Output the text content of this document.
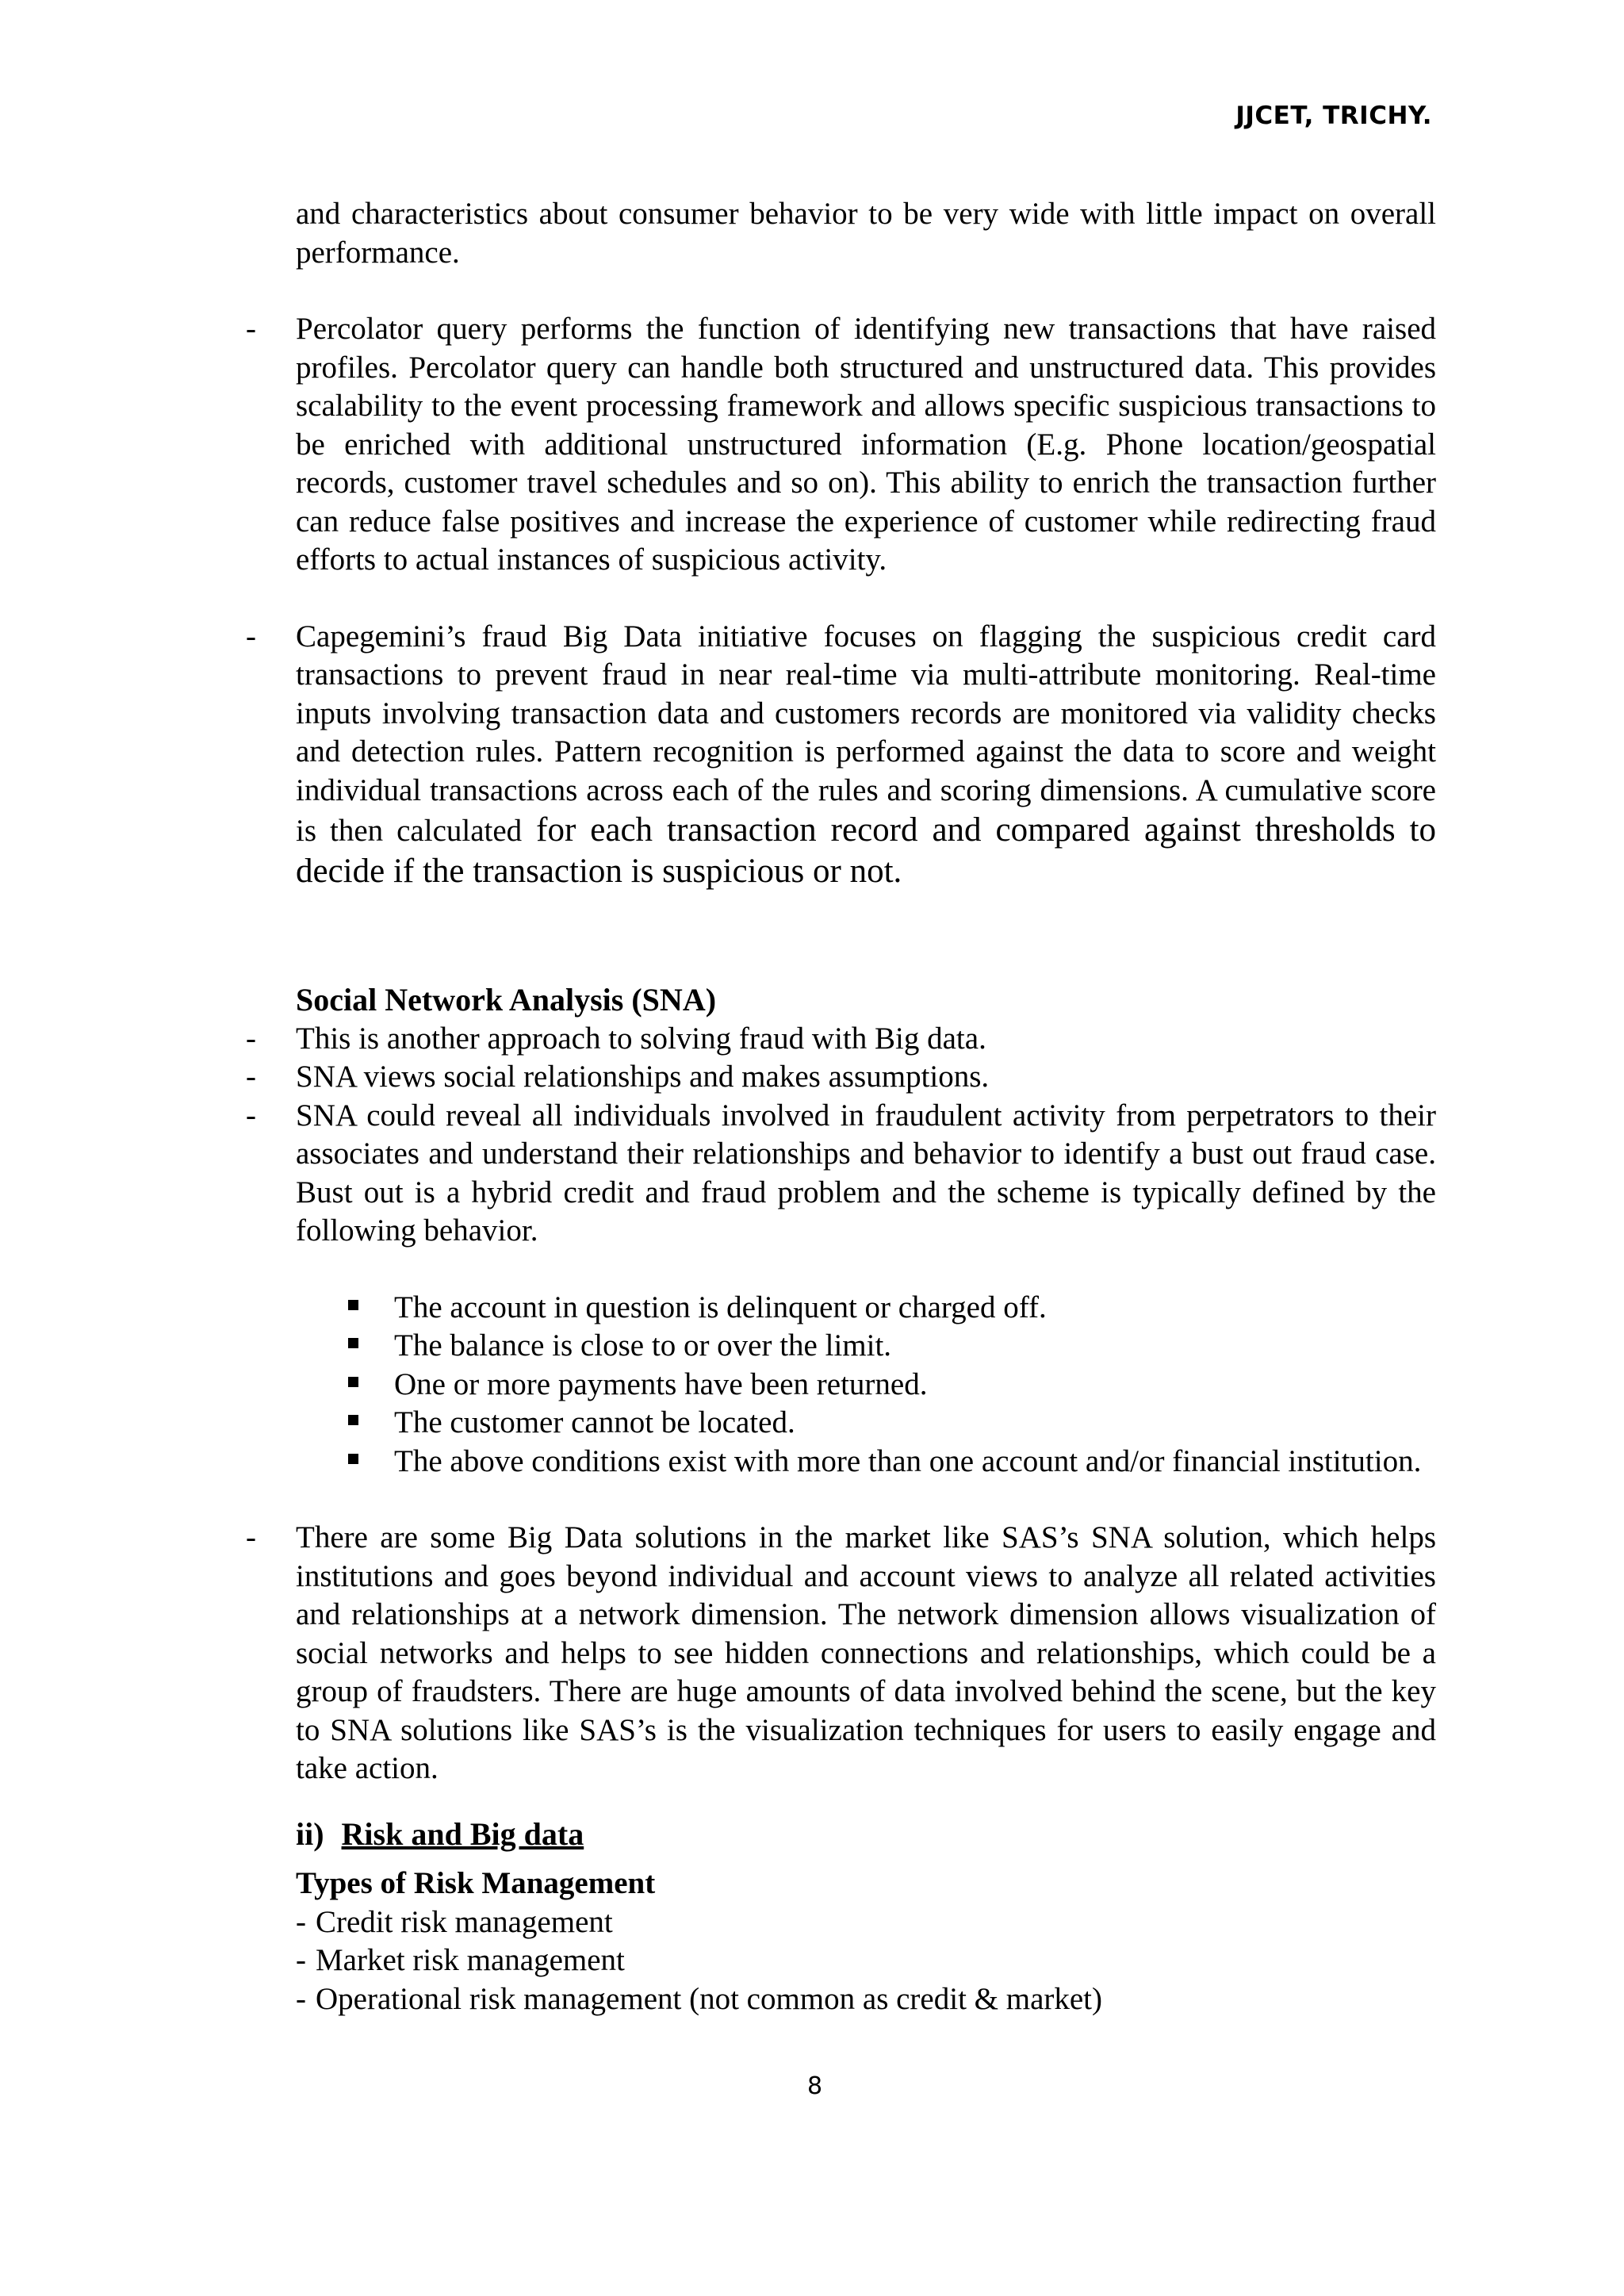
JJCET, TRICHY.

and characteristics about consumer behavior to be very wide with little impact on overall performance.

- Percolator query performs the function of identifying new transactions that have raised profiles. Percolator query can handle both structured and unstructured data. This provides scalability to the event processing framework and allows specific suspicious transactions to be enriched with additional unstructured information (E.g. Phone location/geospatial records, customer travel schedules and so on). This ability to enrich the transaction further can reduce false positives and increase the experience of customer while redirecting fraud efforts to actual instances of suspicious activity.
- Capegemini’s fraud Big Data initiative focuses on flagging the suspicious credit card transactions to prevent fraud in near real-time via multi-attribute monitoring. Real-time inputs involving transaction data and customers records are monitored via validity checks and detection rules. Pattern recognition is performed against the data to score and weight individual transactions across each of the rules and scoring dimensions. A cumulative score is then calculated for each transaction record and compared against thresholds to decide if the transaction is suspicious or not.

Social Network Analysis (SNA)

- This is another approach to solving fraud with Big data.
- SNA views social relationships and makes assumptions.
- SNA could reveal all individuals involved in fraudulent activity from perpetrators to their associates and understand their relationships and behavior to identify a bust out fraud case. Bust out is a hybrid credit and fraud problem and the scheme is typically defined by the following behavior.
The account in question is delinquent or charged off.
The balance is close to or over the limit.
One or more payments have been returned.
The customer cannot be located.
The above conditions exist with more than one account and/or financial institution.
- There are some Big Data solutions in the market like SAS’s SNA solution, which helps institutions and goes beyond individual and account views to analyze all related activities and relationships at a network dimension. The network dimension allows visualization of social networks and helps to see hidden connections and relationships, which could be a group of fraudsters. There are huge amounts of data involved behind the scene, but the key to SNA solutions like SAS’s is the visualization techniques for users to easily engage and take action.

ii) Risk and Big data

Types of Risk Management

- Credit risk management
- Market risk management
- Operational risk management (not common as credit & market)
8
